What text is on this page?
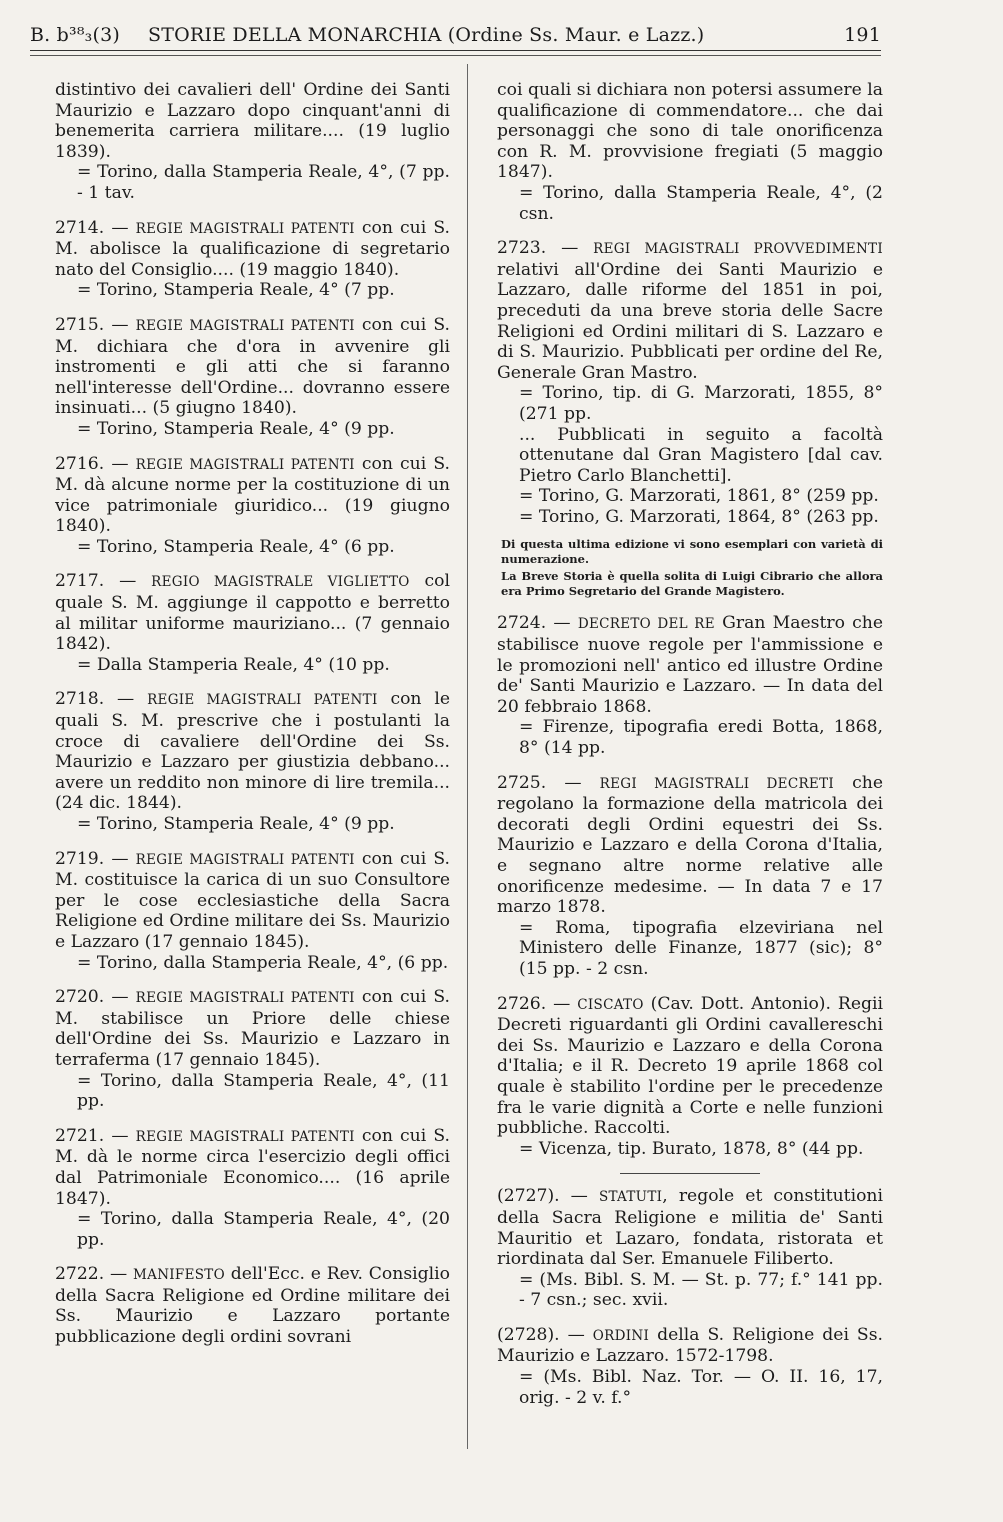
B. b³⁸₃(3) STORIE DELLA MONARCHIA (Ordine Ss. Maur. e Lazz.)	191

distintivo dei cavalieri dell' Ordine dei Santi Maurizio e Lazzaro dopo cinquant'anni di benemerita carriera militare.... (19 luglio 1839).

= Torino, dalla Stamperia Reale, 4°, (7 pp. - 1 tav.

2714. — REGIE MAGISTRALI PATENTI con cui S. M. abolisce la qualificazione di segretario nato del Consiglio.... (19 maggio 1840).

= Torino, Stamperia Reale, 4° (7 pp.

2715. — REGIE MAGISTRALI PATENTI con cui S. M. dichiara che d'ora in avvenire gli instromenti e gli atti che si faranno nell'interesse dell'Ordine... dovranno essere insinuati... (5 giugno 1840).

= Torino, Stamperia Reale, 4° (9 pp.

2716. — REGIE MAGISTRALI PATENTI con cui S. M. dà alcune norme per la costituzione di un vice patrimoniale giuridico... (19 giugno 1840).

= Torino, Stamperia Reale, 4° (6 pp.

2717. — REGIO MAGISTRALE VIGLIETTO col quale S. M. aggiunge il cappotto e berretto al militar uniforme mauriziano... (7 gennaio 1842).

= Dalla Stamperia Reale, 4° (10 pp.

2718. — REGIE MAGISTRALI PATENTI con le quali S. M. prescrive che i postulanti la croce di cavaliere dell'Ordine dei Ss. Maurizio e Lazzaro per giustizia debbano... avere un reddito non minore di lire tremila... (24 dic. 1844).

= Torino, Stamperia Reale, 4° (9 pp.

2719. — REGIE MAGISTRALI PATENTI con cui S. M. costituisce la carica di un suo Consultore per le cose ecclesiastiche della Sacra Religione ed Ordine militare dei Ss. Maurizio e Lazzaro (17 gennaio 1845).

= Torino, dalla Stamperia Reale, 4°, (6 pp.

2720. — REGIE MAGISTRALI PATENTI con cui S. M. stabilisce un Priore delle chiese dell'Ordine dei Ss. Maurizio e Lazzaro in terraferma (17 gennaio 1845).

= Torino, dalla Stamperia Reale, 4°, (11 pp.

2721. — REGIE MAGISTRALI PATENTI con cui S. M. dà le norme circa l'esercizio degli offici dal Patrimoniale Economico.... (16 aprile 1847).

= Torino, dalla Stamperia Reale, 4°, (20 pp.

2722. — MANIFESTO dell'Ecc. e Rev. Consiglio della Sacra Religione ed Ordine militare dei Ss. Maurizio e Lazzaro portante pubblicazione degli ordini sovrani

coi quali si dichiara non potersi assumere la qualificazione di commendatore... che dai personaggi che sono di tale onorificenza con R. M. provvisione fregiati (5 maggio 1847).

= Torino, dalla Stamperia Reale, 4°, (2 csn.

2723. — REGI MAGISTRALI PROVVEDIMENTI relativi all'Ordine dei Santi Maurizio e Lazzaro, dalle riforme del 1851 in poi, preceduti da una breve storia delle Sacre Religioni ed Ordini militari di S. Lazzaro e di S. Maurizio. Pubblicati per ordine del Re, Generale Gran Mastro.

= Torino, tip. di G. Marzorati, 1855, 8° (271 pp.

... Pubblicati in seguito a facoltà ottenutane dal Gran Magistero [dal cav. Pietro Carlo Blanchetti].

= Torino, G. Marzorati, 1861, 8° (259 pp.

= Torino, G. Marzorati, 1864, 8° (263 pp.

Di questa ultima edizione vi sono esemplari con varietà di numerazione.

La Breve Storia è quella solita di Luigi Cibrario che allora era Primo Segretario del Grande Magistero.

2724. — DECRETO DEL RE Gran Maestro che stabilisce nuove regole per l'ammissione e le promozioni nell' antico ed illustre Ordine de' Santi Maurizio e Lazzaro. — In data del 20 febbraio 1868.

= Firenze, tipografia eredi Botta, 1868, 8° (14 pp.

2725. — REGI MAGISTRALI DECRETI che regolano la formazione della matricola dei decorati degli Ordini equestri dei Ss. Maurizio e Lazzaro e della Corona d'Italia, e segnano altre norme relative alle onorificenze medesime. — In data 7 e 17 marzo 1878.

= Roma, tipografia elzeviriana nel Ministero delle Finanze, 1877 (sic); 8° (15 pp. - 2 csn.

2726. — CISCATO (Cav. Dott. Antonio). Regii Decreti riguardanti gli Ordini cavallereschi dei Ss. Maurizio e Lazzaro e della Corona d'Italia; e il R. Decreto 19 aprile 1868 col quale è stabilito l'ordine per le precedenze fra le varie dignità a Corte e nelle funzioni pubbliche. Raccolti.

= Vicenza, tip. Burato, 1878, 8° (44 pp.

(2727). — STATUTI, regole et constitutioni della Sacra Religione e militia de' Santi Mauritio et Lazaro, fondata, ristorata et riordinata dal Ser. Emanuele Filiberto.

= (Ms. Bibl. S. M. — St. p. 77; f.° 141 pp. - 7 csn.; sec. xvii.

(2728). — ORDINI della S. Religione dei Ss. Maurizio e Lazzaro. 1572-1798.

= (Ms. Bibl. Naz. Tor. — O. II. 16, 17, orig. - 2 v. f.°
